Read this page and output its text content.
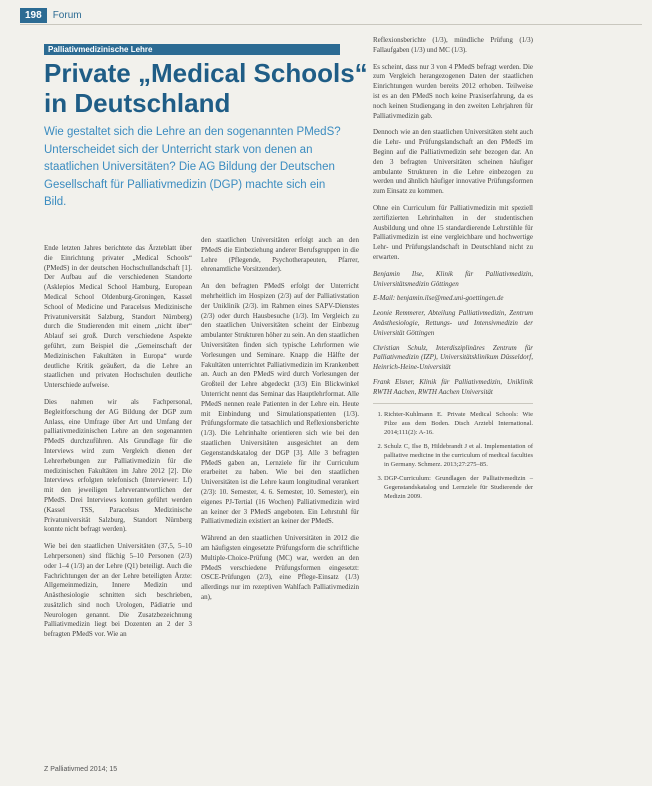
198	Forum
Palliativmedizinische Lehre
Private „Medical Schools“ in Deutschland

Wie gestaltet sich die Lehre an den sogenannten PMedS? Unterscheidet sich der Unterricht stark von denen an staatlichen Universitäten? Die AG Bildung der Deutschen Gesellschaft für Palliativmedizin (DGP) machte sich ein Bild.

Ende letzten Jahres berichtete das Ärzteblatt über die Einrichtung privater „Medical Schools“ (PMedS) in der deutschen Hochschullandschaft [1]. Der Aufbau auf die verschiedenen Standorte (Asklepios Medical School Hamburg, European Medical School Oldenburg-Groningen, Kassel School of Medicine und Paracelsus Medizinische Privatuniversität Salzburg, Standort Nürnberg) durch die Studierenden mit einem „nicht über“ Ablauf sei groß. Durch verschiedene Aspekte geführt, zum Beispiel die „Gemeinschaft der Medizinischen Fakultäten in Europa“ wurde deutliche Kritik geäußert, da die Lehre an staatlichen und privaten Hochschulen deutliche Unterschiede aufweise.

Dies nahmen wir als Fachpersonal, Begleitforschung der AG Bildung der DGP zum Anlass, eine Umfrage über Art und Umfang der palliativmedizinischen Lehre an den sogenannten PMedS durchzuführen. Als Grundlage für die Interviews wird zum Vergleich dienen der Lehrerhebungen zur Palliativmedizin für die medizinischen Fakultäten im Jahre 2012 [2]. Die Interviews erfolgten telefonisch (Interviewer: Lf) mit den jeweiligen Lehrverantwortlichen der PMedS. Drei Interviews konnten geführt werden (Kassel TSS, Paracelsus Medizinische Privatuniversität Salzburg, Standort Nürnberg konnte nicht befragt werden).

Wie bei den staatlichen Universitäten (37,5, 5–10 Lehrpersonen) sind flächig 5–10 Personen (2/3) oder 1–4 (1/3) an der Lehre (Q1) beteiligt. Auch die Fachrichtungen der an der Lehre beteiligten Ärzte: Allgemeinmedizin, Innere Medizin und Anästhesiologie schnitten sich beschrieben, zusätzlich sind noch Urologen, Pädiatrie und Neurologen genannt. Die Zusatzbezeichnung Palliativmedizin liegt bei Dozenten an 2 der 3 befragten PMedS vor. Wie an

den staatlichen Universitäten erfolgt auch an den PMedS die Einbeziehung anderer Berufsgruppen in die Lehre (Pflegende, Psychotherapeuten, Pfarrer, ehrenamtliche Vorsitzender).

An den befragten PMedS erfolgt der Unterricht mehrheitlich im Hospizen (2/3) auf der Palliativstation der Uniklinik (2/3). im Rahmen eines SAPV-Dienstes (2/3) oder durch Hausbesuche (1/3). Im Vergleich zu den staatlichen Universitäten scheint der Einbezug ambulanter Strukturen höher zu sein. An den staatlichen Universitäten finden sich typische Lehrformen wie Vorlesungen und Seminare. Knapp die Hälfte der Fakultäten unterrichtet Palliativmedizin im Krankenbett an. Auch an den PMedS wird durch Vorlesungen der Großteil der Lehre abgedeckt (3/3) Ein Blickwinkel Unterricht nennt das Seminar das Hauptlehrformat. Alle PMedS nennen reale Patienten in der Lehre ein. Heute mit Einbindung und Simulationspatienten (1/3). Prüfungsformate die tatsachlich und Reflexionsberichte (1/3). Die Lehrinhalte orientieren sich wie bei den staatlichen Universitäten ausgesichtet an dem Gegenstandskatalog der DGP [3]. Alle 3 befragten PMedS gaben an, Lernziele für ihr Curriculum erarbeitet zu haben. Wie bei den staatlichen Universitäten ist die Lehre kaum longitudinal verankert (2/3): 10. Semester, 4. 6. Semester, 10. Semester), ein eigenes PJ-Tertial (16 Wochen) Palliativmedizin wird an keiner der 3 PMedS angeboten. Ein Lehrstuhl für Palliativmedizin existiert an keiner der PMedS.

Während an den staatlichen Universitäten in 2012 die am häufigsten eingesetzte Prüfungsform die schriftliche Multiple-Choice-Prüfung (MC) war, werden an den PMedS verschiedene Prüfungsformen eingesetzt: OSCE-Prüfungen (2/3), eine Pflege-Einsatz (1/3) allerdings nur im rezeptiven Wahlfach Palliativmedizin an),

Reflexionsberichte (1/3), mündliche Prüfung (1/3) Fallaufgaben (1/3) und MC (1/3).

Es scheint, dass nur 3 von 4 PMedS befragt werden. Die zum Vergleich herangezogenen Daten der staatlichen Einrichtungen wurden bereits 2012 erhoben. Teilweise ist es an den PMedS noch keine Praxiserfahrung, da es noch keinen Studiengang in den zweiten Lehrjahren für Palliativmedizin gab.

Dennoch wie an den staatlichen Universitäten steht auch die Lehr- und Prüfungslandschaft an den PMedS im Beginn auf die Palliativmedizin sehr bezogen dar. An den 3 befragten Universitäten scheinen häufiger ambulante Strukturen in die Lehre einbezogen zu werden und ähnlich häufiger innovative Prüfungsformen zum Einsatz zu kommen.

Ohne ein Curriculum für Palliativmedizin mit speziell zertifizierten Lehrinhalten in der studentischen Ausbildung und ohne 15 standardierende Lehrstühle für Palliativmedizin ist eine vergleichbare und hochwertige Lehr- und Prüfungslandschaft in Deutschland nicht zu erwarten.

Benjamin Ilse, Klinik für Palliativmedizin, Universitätsmedizin Göttingen
E-Mail: benjamin.ilse@med.uni-goettingen.de
Leonie Remmerer, Abteilung Palliativmedizin, Zentrum Anästhesiologie, Rettungs- und Intensivmedizin der Universität Göttingen
Christian Schulz, Interdisziplinäres Zentrum für Palliativmedizin (IZP), Universitätsklinikum Düsseldorf, Heinrich-Heine-Universität
Frank Elsner, Klinik für Palliativmedizin, Uniklinik RWTH Aachen, RWTH Aachen Universität
1. Richter-Kuhlmann E. Private Medical Schools: Wie Pilze aus dem Boden. Dtsch Arztebl International. 2014;111(2): A-16.
2. Schulz C, Ilse B, Hildebrandt J et al. Implementation of palliative medicine in the curriculum of medical faculties in Germany. Schmerz. 2013;27:275–85.
3. DGP-Curriculum: Grundlagen der Palliativmedizin – Gegenstandskatalog und Lernziele für Studierende der Medizin 2009.
Z Palliativmed 2014; 15
